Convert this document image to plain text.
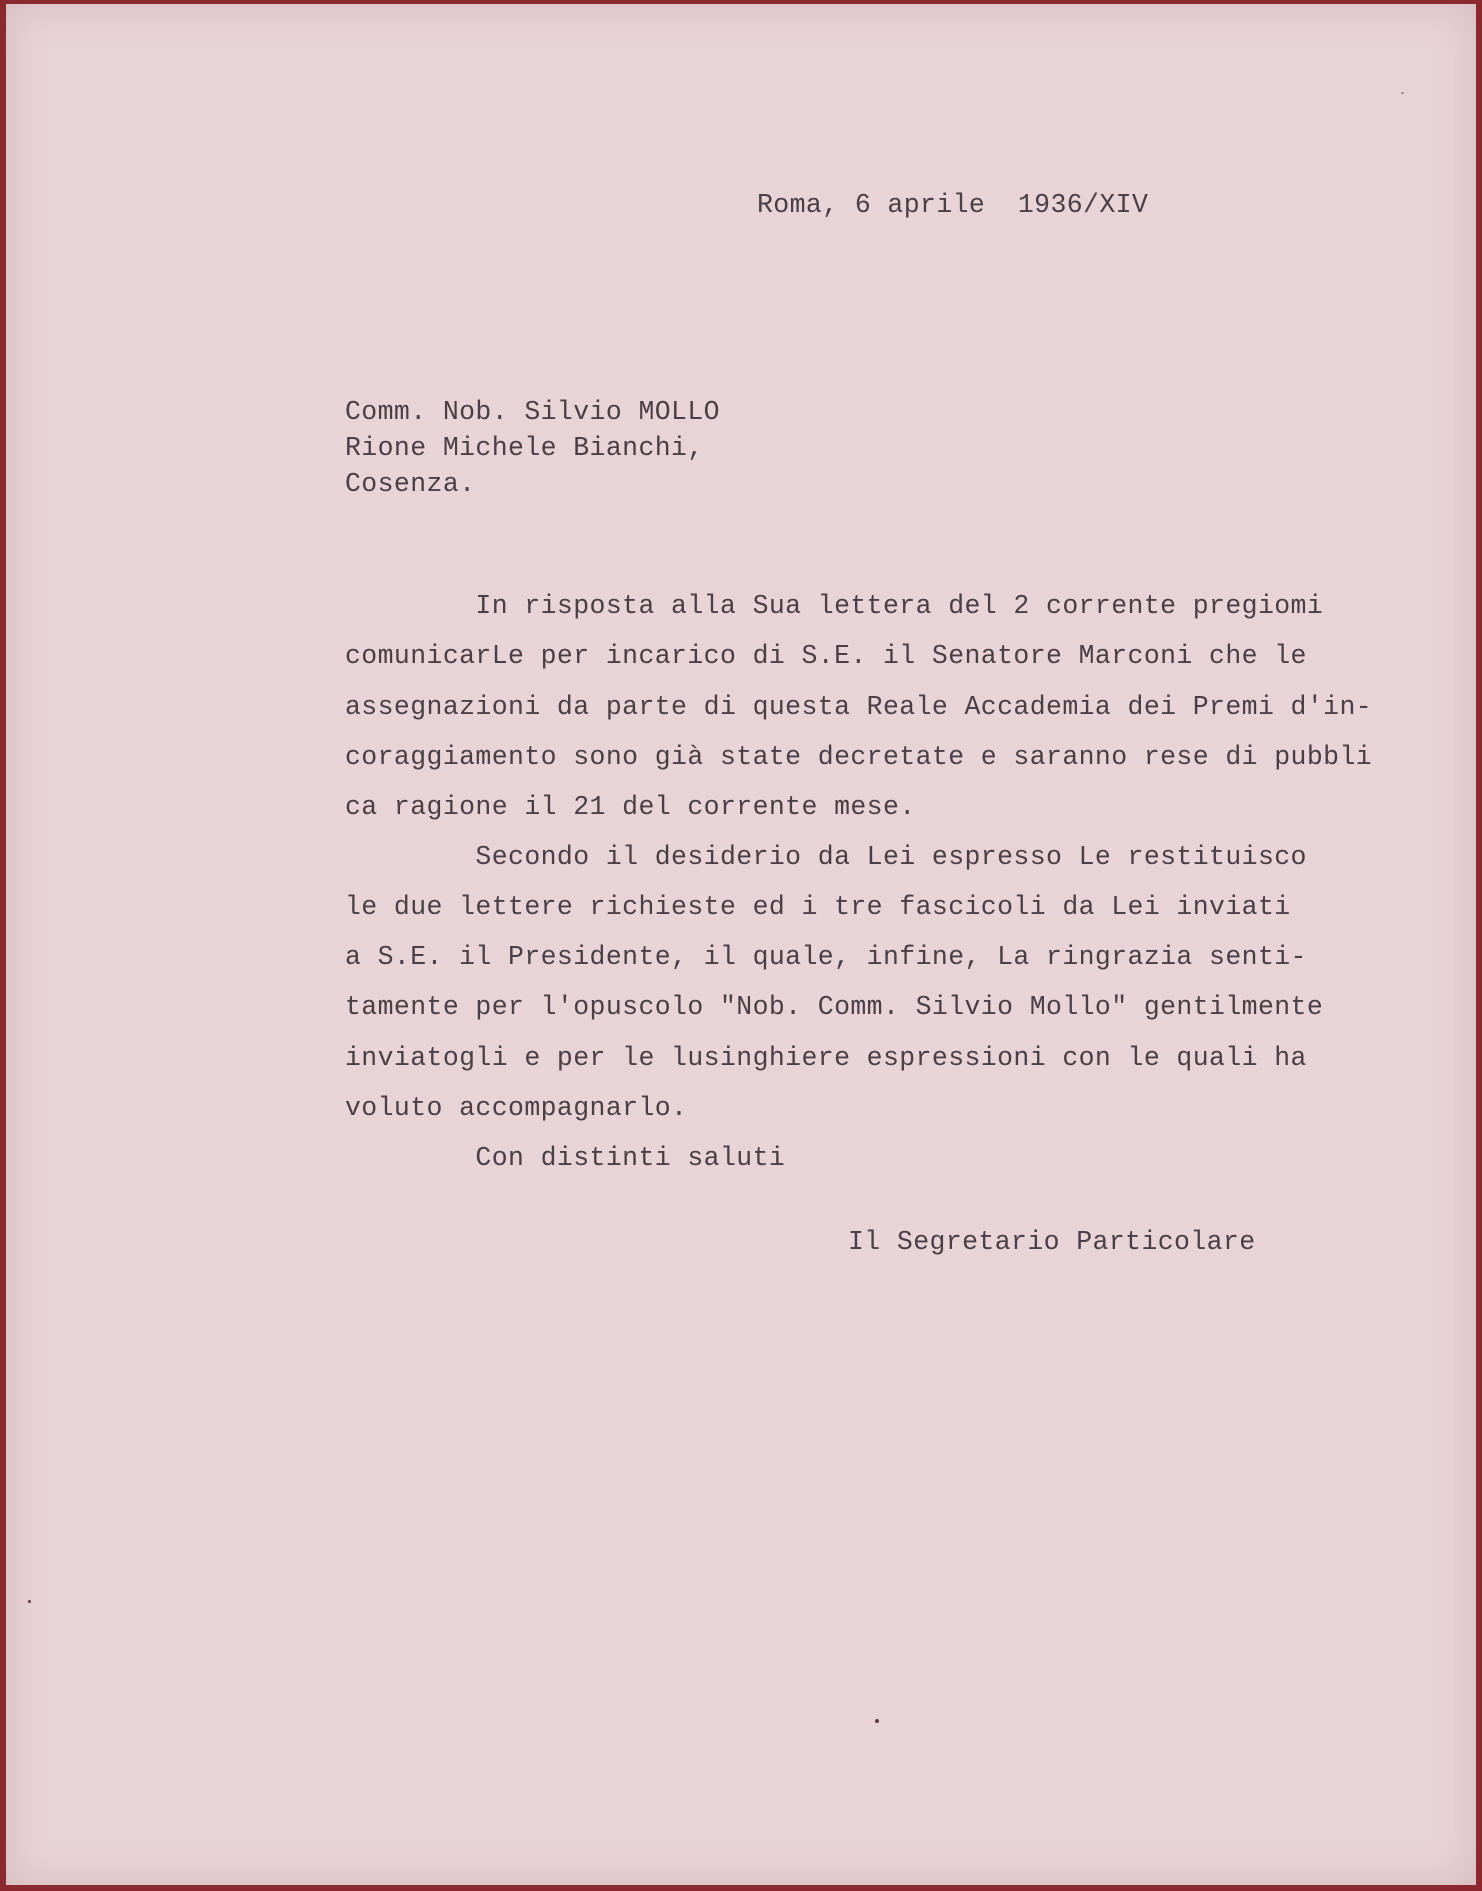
Roma, 6 aprile  1936/XIV
Comm. Nob. Silvio MOLLO
Rione Michele Bianchi,
Cosenza.
In risposta alla Sua lettera del 2 corrente pregiomi
comunicarLe per incarico di S.E. il Senatore Marconi che le
assegnazioni da parte di questa Reale Accademia dei Premi d'in-
coraggiamento sono già state decretate e saranno rese di pubbli
ca ragione il 21 del corrente mese.
Secondo il desiderio da Lei espresso Le restituisco
le due lettere richieste ed i tre fascicoli da Lei inviati
a S.E. il Presidente, il quale, infine, La ringrazia senti-
tamente per l'opuscolo "Nob. Comm. Silvio Mollo" gentilmente
inviatogli e per le lusinghiere espressioni con le quali ha
voluto accompagnarlo.
Con distinti saluti
Il Segretario Particolare
